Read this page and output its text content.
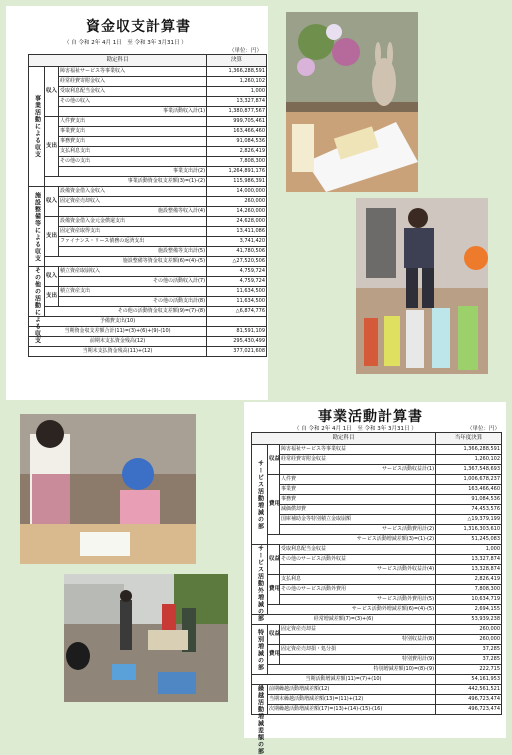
資金収支計算書
（ 自 令和 2年 4月 1日　至 令和 3年 3月31日 ）
（単位：円）
勘定科目			決算
事業活動による収支	収入	障害福祉サービス等事業収入	1,366,288,591
		経常経費寄附金収入	1,260,102
		受取利息配当金収入	1,000
		その他の収入	13,327,874
		事業活動収入計(1)	1,380,877,567
	支出	人件費支出	999,705,461
		事業費支出	163,466,460
		事務費支出	91,084,536
		支払利息支出	2,826,419
		その他の支出	7,808,300
		事業支出計(2)	1,264,891,176
	事業活動資金収支差額(3)=(1)-(2)		115,986,391
施設整備等による収支	収入	設備資金借入金収入	14,000,000
		固定資産売却収入	260,000
		施設整備等収入計(4)	14,260,000
	支出	設備資金借入金元金償還支出	24,628,000
		固定資産取得支出	13,411,086
		ファイナンス・リース債務の返済支出	3,741,420
		施設整備等支出計(5)	41,780,506
	施設整備等資金収支差額(6)=(4)-(5)		△27,520,506
その他の活動による収支	収入	積立資産取崩収入	4,759,724
		その他の活動収入計(7)	4,759,724
	支出	積立資産支出	11,634,500
		その他の活動支出計(8)	11,634,500
	その他の活動資金収支差額(9)=(7)-(8)		△6,874,776
予備費支出(10)			
当期資金収支差額合計(11)=(3)+(6)+(9)-(10)			81,591,109
前期末支払資金残高(12)			295,430,499
当期末支払資金残高(11)+(12)			377,021,608
事業活動計算書
（ 自 令和 2年 4月 1日　至 令和 3年 3月31日 ）	（単位：円）
勘定科目			当年度決算
サービス活動増減の部	収益	障害福祉サービス等事業収益	1,366,288,591
		経常経費寄附金収益	1,260,102
		サービス活動収益計(1)	1,367,548,693
	費用	人件費	1,006,678,237
		事業費	163,466,460
		事務費	91,084,536
		減価償却費	74,453,576
		国庫補助金等特別積立金取崩額	△19,379,199
		サービス活動費用計(2)	1,316,303,610
	サービス活動増減差額(3)=(1)-(2)		51,245,083
サービス活動外増減の部	収益	受取利息配当金収益	1,000
		その他のサービス活動外収益	13,327,874
		サービス活動外収益計(4)	13,328,874
	費用	支払利息	2,826,419
		その他のサービス活動外費用	7,808,300
		サービス活動外費用計(5)	10,634,719
	サービス活動外増減差額(6)=(4)-(5)		2,694,155
経常増減差額(7)=(3)+(6)			53,939,238
特別増減の部	収益	固定資産売却益	260,000
		特別収益計(8)	260,000
	費用	固定資産売却損・処分損	37,285
		特別費用計(9)	37,285
	特別増減差額(10)=(8)-(9)		222,715
当期活動増減差額(11)=(7)+(10)			54,161,953
繰越活動増減差額の部	前期繰越活動増減差額(12)		442,561,521
	当期末繰越活動増減差額(13)=(11)+(12)		496,723,474
	次期繰越活動増減差額(17)=(13)+(14)-(15)-(16)		496,723,474
